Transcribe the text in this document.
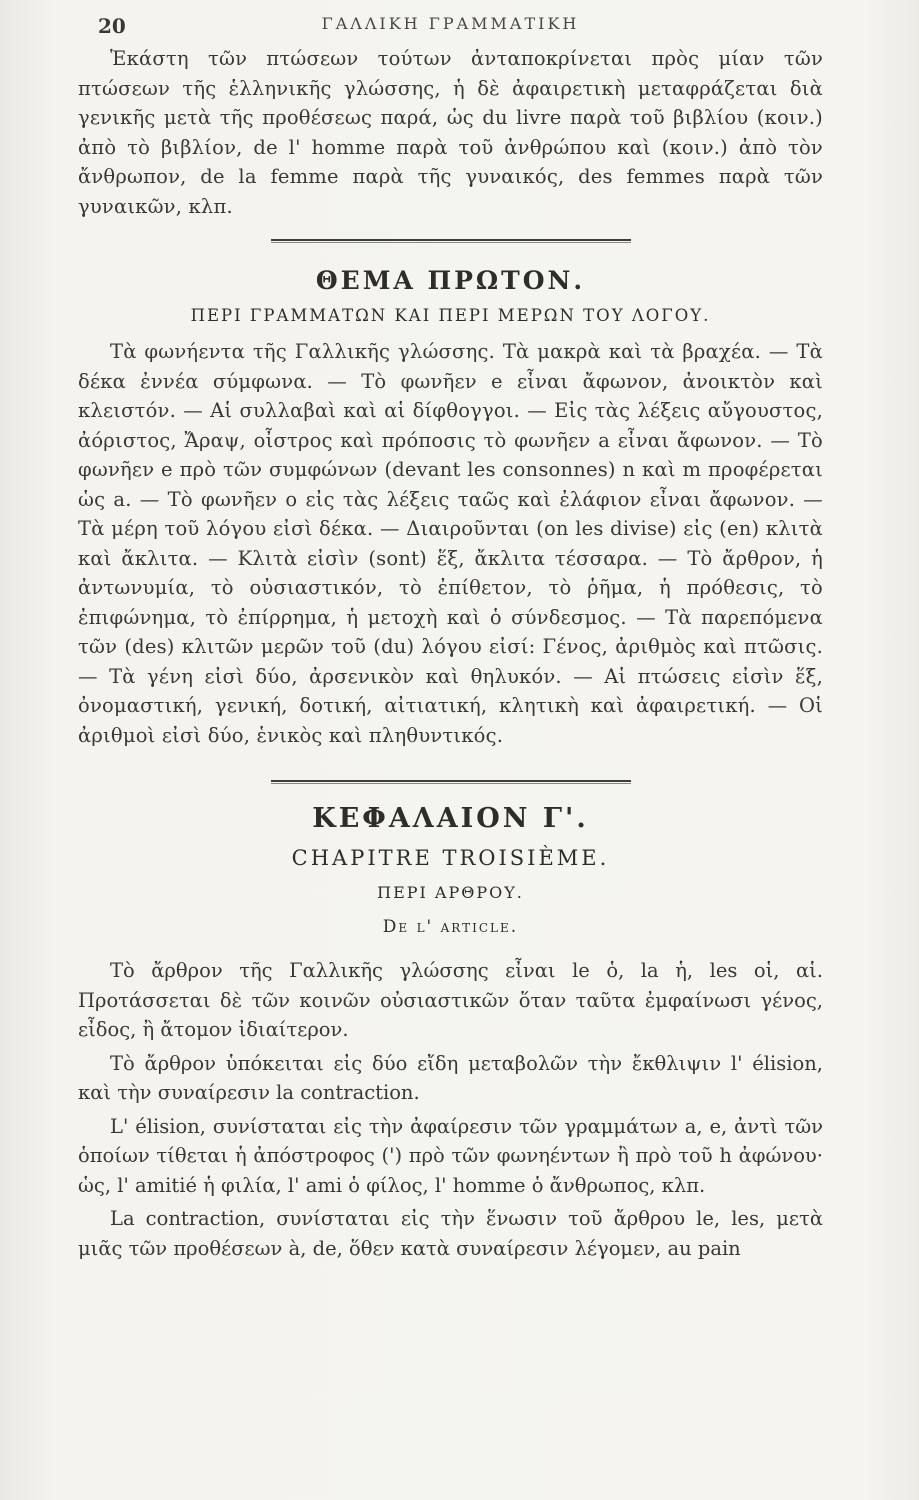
20	ΓΑΛΛΙΚΗ ΓΡΑΜΜΑΤΙΚΗ

Ἑκάστη τῶν πτώσεων τούτων ἀνταποκρίνεται πρὸς μίαν τῶν πτώσεων τῆς ἑλληνικῆς γλώσσης, ἡ δὲ ἀφαιρετικὴ μεταφράζεται διὰ γενικῆς μετὰ τῆς προθέσεως παρά, ὡς du livre παρὰ τοῦ βιβλίου (κοιν.) ἀπὸ τὸ βιβλίον, de l' homme παρὰ τοῦ ἀνθρώπου καὶ (κοιν.) ἀπὸ τὸν ἄνθρωπον, de la femme παρὰ τῆς γυναικός, des femmes παρὰ τῶν γυναικῶν, κλπ.

ΘΕΜΑ ΠΡΩΤΟΝ.
ΠΕΡΙ ΓΡΑΜΜΑΤΩΝ ΚΑΙ ΠΕΡΙ ΜΕΡΩΝ ΤΟΥ ΛΟΓΟΥ.

Τὰ φωνήεντα τῆς Γαλλικῆς γλώσσης. Τὰ μακρὰ καὶ τὰ βραχέα. — Τὰ δέκα ἐννέα σύμφωνα. — Τὸ φωνῆεν e εἶναι ἄφωνον, ἀνοικτὸν καὶ κλειστόν. — Αἱ συλλαβαὶ καὶ αἱ δίφθογγοι. — Εἰς τὰς λέξεις αὔγουστος, ἀόριστος, Ἄραψ, οἶστρος καὶ πρόποσις τὸ φωνῆεν a εἶναι ἄφωνον. — Τὸ φωνῆεν e πρὸ τῶν συμφώνων (devant les consonnes) n καὶ m προφέρεται ὡς a. — Τὸ φωνῆεν o εἰς τὰς λέξεις ταῶς καὶ ἐλάφιον εἶναι ἄφωνον. — Τὰ μέρη τοῦ λόγου εἰσὶ δέκα. — Διαιροῦνται (on les divise) εἰς (en) κλιτὰ καὶ ἄκλιτα. — Κλιτὰ εἰσὶν (sont) ἕξ, ἄκλιτα τέσσαρα. — Τὸ ἄρθρον, ἡ ἀντωνυμία, τὸ οὐσιαστικόν, τὸ ἐπίθετον, τὸ ῥῆμα, ἡ πρόθεσις, τὸ ἐπιφώνημα, τὸ ἐπίρρημα, ἡ μετοχὴ καὶ ὁ σύνδεσμος. — Τὰ παρεπόμενα τῶν (des) κλιτῶν μερῶν τοῦ (du) λόγου εἰσί: Γένος, ἀριθμὸς καὶ πτῶσις. — Τὰ γένη εἰσὶ δύο, ἀρσενικὸν καὶ θηλυκόν. — Αἱ πτώσεις εἰσὶν ἕξ, ὀνομαστική, γενική, δοτική, αἰτιατική, κλητικὴ καὶ ἀφαιρετική. — Οἱ ἀριθμοὶ εἰσὶ δύο, ἑνικὸς καὶ πληθυντικός.

ΚΕΦΑΛΑΙΟΝ Γ'.
CHAPITRE TROISIÈME.
ΠΕΡΙ ΑΡΘΡΟΥ.
De l' article.

Τὸ ἄρθρον τῆς Γαλλικῆς γλώσσης εἶναι le ὁ, la ἡ, les οἱ, αἱ. Προτάσσεται δὲ τῶν κοινῶν οὐσιαστικῶν ὅταν ταῦτα ἐμφαίνωσι γένος, εἶδος, ἢ ἄτομον ἰδιαίτερον.

Τὸ ἄρθρον ὑπόκειται εἰς δύο εἴδη μεταβολῶν τὴν ἔκθλιψιν l' élision, καὶ τὴν συναίρεσιν la contraction.

L' élision, συνίσταται εἰς τὴν ἀφαίρεσιν τῶν γραμμάτων a, e, ἀντὶ τῶν ὁποίων τίθεται ἡ ἀπόστροφος (') πρὸ τῶν φωνηέντων ἢ πρὸ τοῦ h ἀφώνου· ὡς, l' amitié ἡ φιλία, l' ami ὁ φίλος, l' homme ὁ ἄνθρωπος, κλπ.

La contraction, συνίσταται εἰς τὴν ἕνωσιν τοῦ ἄρθρου le, les, μετὰ μιᾶς τῶν προθέσεων à, de, ὅθεν κατὰ συναίρεσιν λέγομεν, au pain
